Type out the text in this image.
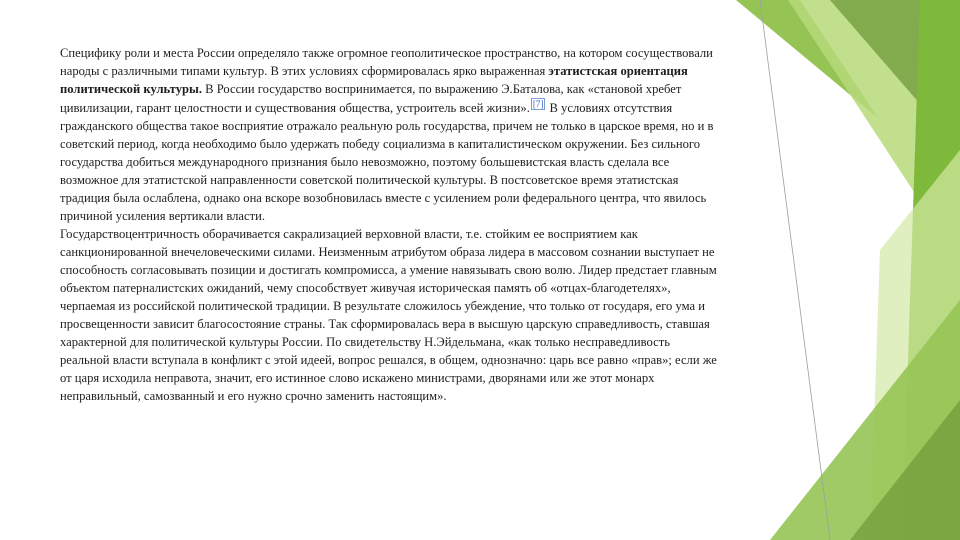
Специфику роли и места России определяло также огромное геополитическое пространство, на котором сосуществовали народы с различными типами культур. В этих условиях сформировалась ярко выраженная этатистская ориентация политической культуры. В России государство воспринимается, по выражению Э.Баталова, как «становой хребет цивилизации, гарант целостности и существования общества, устроитель всей жизни». [7] В условиях отсутствия гражданского общества такое восприятие отражало реальную роль государства, причем не только в царское время, но и в советский период, когда необходимо было удержать победу социализма в капиталистическом окружении. Без сильного государства добиться международного признания было невозможно, поэтому большевистская власть сделала все возможное для этатистской направленности советской политической культуры. В постсоветское время этатистская традиция была ослаблена, однако она вскоре возобновилась вместе с усилением роли федерального центра, что явилось причиной усиления вертикали власти.

Государствоцентричность оборачивается сакрализацией верховной власти, т.е. стойким ее восприятием как санкционированной внечеловеческими силами. Неизменным атрибутом образа лидера в массовом сознании выступает не способность согласовывать позиции и достигать компромисса, а умение навязывать свою волю. Лидер предстает главным объектом патерналистских ожиданий, чему способствует живучая историческая память об «отцах-благодетелях», черпаемая из российской политической традиции. В результате сложилось убеждение, что только от государя, его ума и просвещенности зависит благосостояние страны. Так сформировалась вера в высшую царскую справедливость, ставшая характерной для политической культуры России. По свидетельству Н.Эйдельмана, «как только несправедливость реальной власти вступала в конфликт с этой идеей, вопрос решался, в общем, однозначно: царь все равно «прав»; если же от царя исходила неправота, значит, его истинное слово искажено министрами, дворянами или же этот монарх неправильный, самозванный и его нужно срочно заменить настоящим».
